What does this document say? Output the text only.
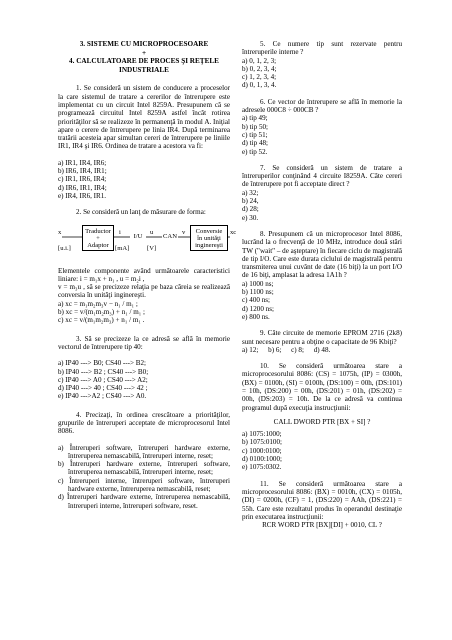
3. SISTEME CU MICROPROCESOARE

+

4. CALCULATOARE DE PROCES ŞI REŢELE INDUSTRIALE

1. Se consideră un sistem de conducere a proceselor la care sistemul de tratare a cererilor de întrerupere este implementat cu un circuit Intel 8259A. Presupunem că se programează circuitul Intel 8259A astfel încât rotirea priorităţilor să se realizeze în permanenţă în modul A. Iniţial apare o cerere de întrerupere pe linia IR4. După terminarea tratării acesteia apar simultan cereri de întrerupere pe liniile IR1, IR4 şi IR6. Ordinea de tratare a acestora va fi:

a) IR1, IR4, IR6;

b) IR6, IR4, IR1;

c) IR1, IR6, IR4;

d) IR6, IR1, IR4;

e) IR4, IR6, IR1.

2. Se consideră un lanţ de măsurare de forma:

x
[u.i.]
Traductor
+
Adaptor
i
[mA]
I/U
u
[V]
CAN
v	Conversie
în unităţi
inginereşti
xc

Elementele componente având următoarele caracteristici liniare: i = m₁x + n₁ , u = m₂i ,

v = m₃u , să se precizeze relaţia pe baza căreia se realizează conversia în unităţi inginereşti.

a) xc = m₁m₂m₃v − n₁ / m₁ ;

b) xc = v/(m₁m₂m₃) + n₁ / m₁ ;

c) xc = v/(m₁m₂m₃) + n₁ / m₁ .

3. Să se precizeze la ce adresă se află în memorie vectorul de întrerupere tip 40:

a) IP40 ---> B0; CS40 ---> B2;

b) IP40 ---> B2 ; CS40 ---> B0;

c) IP40 ---> A0 ; CS40 ---> A2;

d) IP40 ---> 40 ; CS40 ---> 42 ;

e) IP40 --->A2 ; CS40 ---> A0.

4. Precizaţi, în ordinea crescătoare a priorităţilor, grupurile de întreruperi acceptate de microprocesorul Intel 8086.

a) Întreruperi software, întreruperi hardware externe, întreruperea nemascabilă, întreruperi interne, reset;

b) Întreruperi hardware externe, întreruperi software, întreruperea nemascabilă, întreruperi interne, reset;

c) Întreruperi interne, întreruperi software, întreruperi hardware externe, întreruperea nemascabilă, reset;

d) Întreruperi hardware externe, întreruperea nemascabilă, întreruperi interne, întreruperi software, reset.

5. Ce numere tip sunt rezervate pentru întreruperile interne ?

a) 0, 1, 2, 3;

b) 0, 2, 3, 4;

c) 1, 2, 3, 4;

d) 0, 1, 3, 4.

6. Ce vector de întrerupere se află în memorie la adresele 000C8 ÷ 000CB ?

a) tip 49;

b) tip 50;

c) tip 51;

d) tip 48;

e) tip 52.

7. Se consideră un sistem de tratare a întreruperilor conţinând 4 circuite I8259A. Câte cereri de întrerupere pot fi acceptate direct ?

a) 32;

b) 24,

d) 28;

e) 30.

8. Presupunem că un microprocesor Intel 8086, lucrând la o frecvenţă de 10 MHz, introduce două stări TW ("wait" – de aşteptare) în fiecare ciclu de magistrală de tip I/O. Care este durata ciclului de magistrală pentru transmiterea unui cuvânt de date (16 biţi) la un port I/O de 16 biţi, amplasat la adresa 1A1h ?

a) 1000 ns;

b) 1100 ns;

c) 400 ns;

d) 1200 ns;

e) 800 ns.

9. Câte circuite de memorie EPROM 2716 (2k8) sunt necesare pentru a obţine o capacitate de 96 Kbiţi?

a) 12; b) 6; c) 8; d) 48.

10. Se consideră următoarea stare a microprocesorului 8086: (CS) = 1075h, (IP) = 0300h, (BX) = 0100h, (SI) = 0100h, (DS:100) = 00h, (DS:101) = 10h, (DS:200) = 00h, (DS:201) = 01h, (DS:202) = 00h, (DS:203) = 10h. De la ce adresă va continua programul după execuţia instrucţiunii:

CALL DWORD PTR [BX + SI] ?

a) 1075:1000;

b) 1075:0100;

c) 1000:0100;

d) 0100:1000;

e) 1075:0302.

11. Se consideră următoarea stare a microprocesorului 8086: (BX) = 0010h, (CX) = 0105h, (DI) = 0200h, (CF) = 1, (DS:220) = AAh, (DS:221) = 55h. Care este rezultatul produs în operandul destinaţie prin executarea instrucţiunii:

RCR WORD PTR [BX][DI] + 0010, CL ?
